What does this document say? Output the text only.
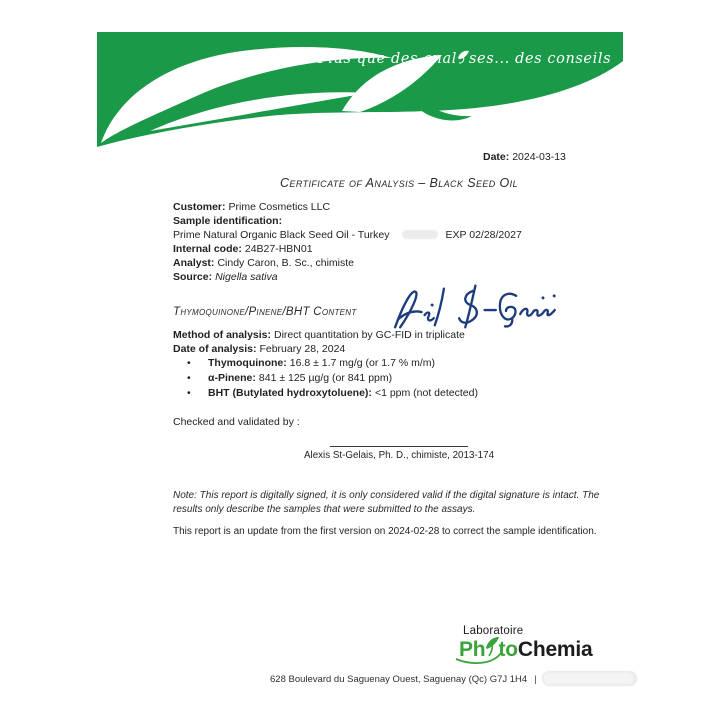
Plus que des anal ses... des conseils
Date: 2024-03-13
Certificate of Analysis – Black Seed Oil
Customer: Prime Cosmetics LLC
Sample identification:
Prime Natural Organic Black Seed Oil - Turkey	EXP 02/28/2027
Internal code: 24B27-HBN01
Analyst: Cindy Caron, B. Sc., chimiste
Source: Nigella sativa
Thymoquinone/Pinene/BHT Content
Method of analysis: Direct quantitation by GC-FID in triplicate
Date of analysis: February 28, 2024
• Thymoquinone: 16.8 ± 1.7 mg/g (or 1.7 % m/m)
• α-Pinene: 841 ± 125 µg/g (or 841 ppm)
• BHT (Butylated hydroxytoluene): <1 ppm (not detected)
Checked and validated by :
Alexis St-Gelais, Ph. D., chimiste, 2013-174
Note: This report is digitally signed, it is only considered valid if the digital signature is intact. The results only describe the samples that were submitted to the assays.
This report is an update from the first version on 2024-02-28 to correct the sample identification.
Laboratoire
Ph toChemia
628 Boulevard du Saguenay Ouest, Saguenay (Qc) G7J 1H4 |
